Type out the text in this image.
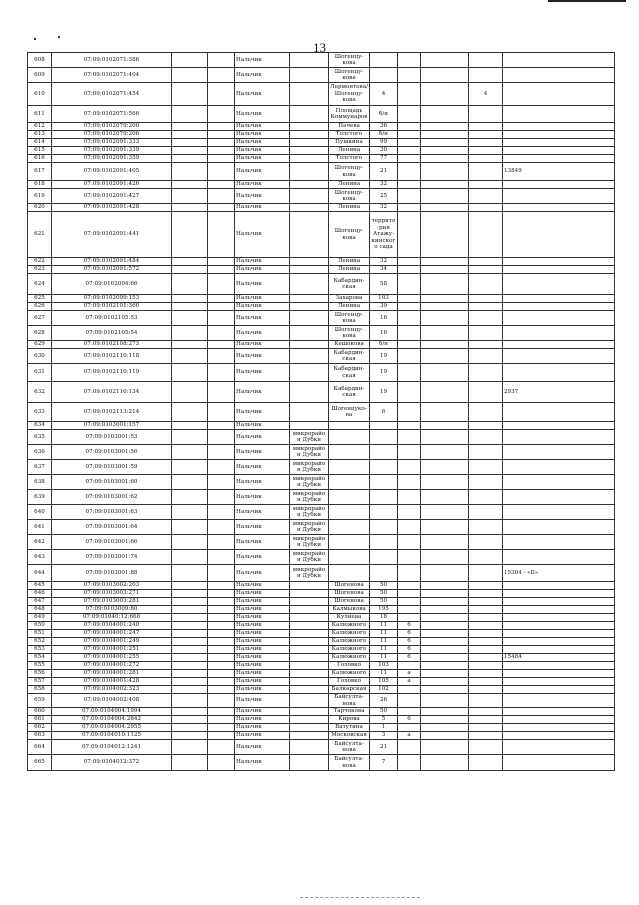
13
608	07:09:0102071:386			Нальчик		Шогенцу-кова					
609	07:09:0102071:404			Нальчик		Шогенцу-кова					
610	07:09:0102071:454			Нальчик		Лермонтова/ Шогенцу-кова	4			4	
611	07:09:0102071:566			Нальчик		Площадь Коммунаров	б/н				
612	07:09:0102079:200			Нальчик		Пачева	36				
613	07:09:0102079:206			Нальчик		Толстого	б/н				
614	07:09:0102091:333			Нальчик		Пушкина	99				
615	07:09:0102091:339			Нальчик		Ленина	30				
616	07:09:0102091:359			Нальчик		Толстого	77				
617	07:09:0102091:405			Нальчик		Шогенцу-кова	21				13849
618	07:09:0102091:426			Нальчик		Ленина	32				
619	07:09:0102091:427			Нальчик		Шогенцу-кова	25				
620	07:09:0102091:428			Нальчик		Ленина	32				
621	07:09:0102091:441			Нальчик		Шогенцу-кова	террито-рия Атажу-кинского сада				
622	07:09:0102091:484			Нальчик		Ленина	32				
623	07:09:0102091:572			Нальчик		Ленина	34				
624	07:09:0102094:66			Нальчик		Кабардин-ская	58				
625	07:09:0102099:153			Нальчик		Захарова	103				
626	07:09:0102101:360			Нальчик		Ленина	39				
627	07:09:0102105:53			Нальчик		Шогенцу-кова	16				
628	07:09:0102105:54			Нальчик		Шогенцу-кова	16				
629	07:09:0102108:273			Нальчик		Кешокова	б/н				
630	07:09:0102110:118			Нальчик		Кабардин-ская	19				
631	07:09:0102110:119			Нальчик		Кабардин-ская	19				
632	07:09:0102110:134			Нальчик		Кабардин-ская	19				2937
633	07:09:0102113:214			Нальчик		Шогенцуко-ва	6				
634	07:09:0103001:157			Нальчик							
635	07:09:0103001:53			Нальчик	микрорайон Дубки						
636	07:09:0103001:56			Нальчик	микрорайон Дубки						
637	07:09:0103001:59			Нальчик	микрорайон Дубки						
638	07:09:0103001:60			Нальчик	микрорайон Дубки						
639	07:09:0103001:62			Нальчик	микрорайон Дубки						
640	07:09:0103001:63			Нальчик	микрорайон Дубки						
641	07:09:0103001:64			Нальчик	микрорайон Дубки						
642	07:09:0103001:66			Нальчик	микрорайон Дубки						
643	07:09:0103001:74			Нальчик	микрорайон Дубки						
644	07:09:0103001:88			Нальчик	микрорайон Дубки						15304 - «Б»
645	07:09:0103002:203			Нальчик		Шогенова	50				
646	07:09:0103003:271			Нальчик		Шогенова	50				
647	07:09:0103003:281			Нальчик		Шогенова	50				
648	07:09:0103009:80			Нальчик		Калмыкова	195				
649	07:09:01040:12:668			Нальчик		Кулиева	18				
650	07:09:0104001:240			Нальчик		Калюжного	11	6			
651	07:09:0104001:247			Нальчик		Калюжного	11	6			
652	07:09:0104001:249			Нальчик		Калюжного	11	6			
653	07:09:0104001:251			Нальчик		Калюжного	11	6			
654	07:09:0104001:255			Нальчик		Калюжного	11	6			15484
655	07:09:0104001:272			Нальчик		Головко	103				
656	07:09:0104001:281			Нальчик		Калюжного	11	а			
657	07:09:0104001:428			Нальчик		Головко	105	а			
658	07:09:0104002:323			Нальчик		Балкарская	102				
659	07:09:0104002:408			Нальчик		Байсулта-нова	26				
660	07:09:0104004:1994			Нальчик		Тарчокова	50				
661	07:09:0104004:2842			Нальчик		Кирова	5	6			
662	07:09:0104004:2955			Нальчик		Ватутина	1				
663	07:09:0104010:1125			Нальчик		Московская	3	а			
664	07:09:0104012:1241			Нальчик		Байсулта-нова	21				
665	07:09:0104012:372			Нальчик		Байсулта-нова	7				
